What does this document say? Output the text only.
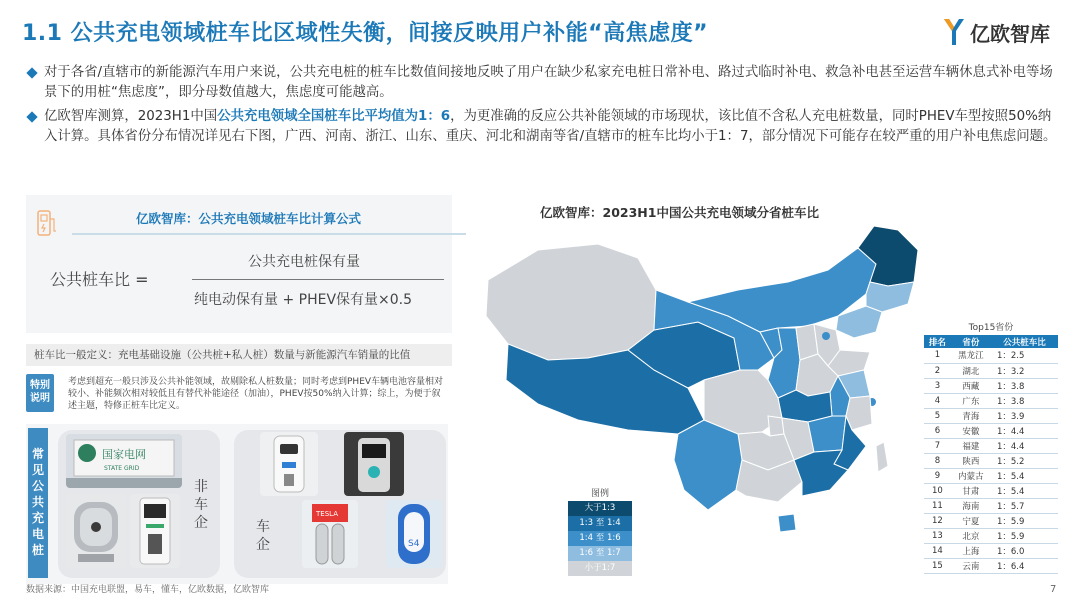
1.1 公共充电领域桩车比区域性失衡，间接反映用户补能“高焦虑度”	亿欧智库
对于各省/直辖市的新能源汽车用户来说，公共充电桩的桩车比数值间接地反映了用户在缺少私家充电桩日常补电、路过式临时补电、救急补电甚至运营车辆休息式补电等场景下的用桩“焦虑度”，即分母数值越大，焦虑度可能越高。
亿欧智库测算，2023H1中国公共充电领域全国桩车比平均值为1：6，为更准确的反应公共补能领域的市场现状，该比值不含私人充电桩数量，同时PHEV车型按照50%纳入计算。具体省份分布情况详见右下图，广西、河南、浙江、山东、重庆、河北和湖南等省/直辖市的桩车比均小于1：7，部分情况下可能存在较严重的用户补电焦虑问题。
亿欧智库：公共充电领域桩车比计算公式
公共桩车比 =
公共充电桩保有量
纯电动保有量 + PHEV保有量×0.5
桩车比一般定义：充电基础设施（公共桩+私人桩）数量与新能源汽车销量的比值
特别说明
考虑到超充一般只涉及公共补能领域，故剔除私人桩数量；同时考虑到PHEV车辆电池容量相对较小、补能频次相对较低且有替代补能途径（加油），PHEV按50%纳入计算；综上，为便于叙述主题，特修正桩车比定义。
常见公共充电桩
国家电网
STATE GRID
非车企
TESLA
S4
车企
亿欧智库：2023H1中国公共充电领域分省桩车比
图例
大于1:3
1:3 至 1:4
1:4 至 1:6
1:6 至 1:7
小于1:7
Top15省份
排名	省份	公共桩车比
1	黑龙江	1：2.5
2	湖北	1：3.2
3	西藏	1：3.8
4	广东	1：3.8
5	青海	1：3.9
6	安徽	1：4.4
7	福建	1：4.4
8	陕西	1：5.2
9	内蒙古	1：5.4
10	甘肃	1：5.4
11	海南	1：5.7
12	宁夏	1：5.9
13	北京	1：5.9
14	上海	1：6.0
15	云南	1：6.4
数据来源：中国充电联盟，易车，懂车，亿欧数据，亿欧智库	7
